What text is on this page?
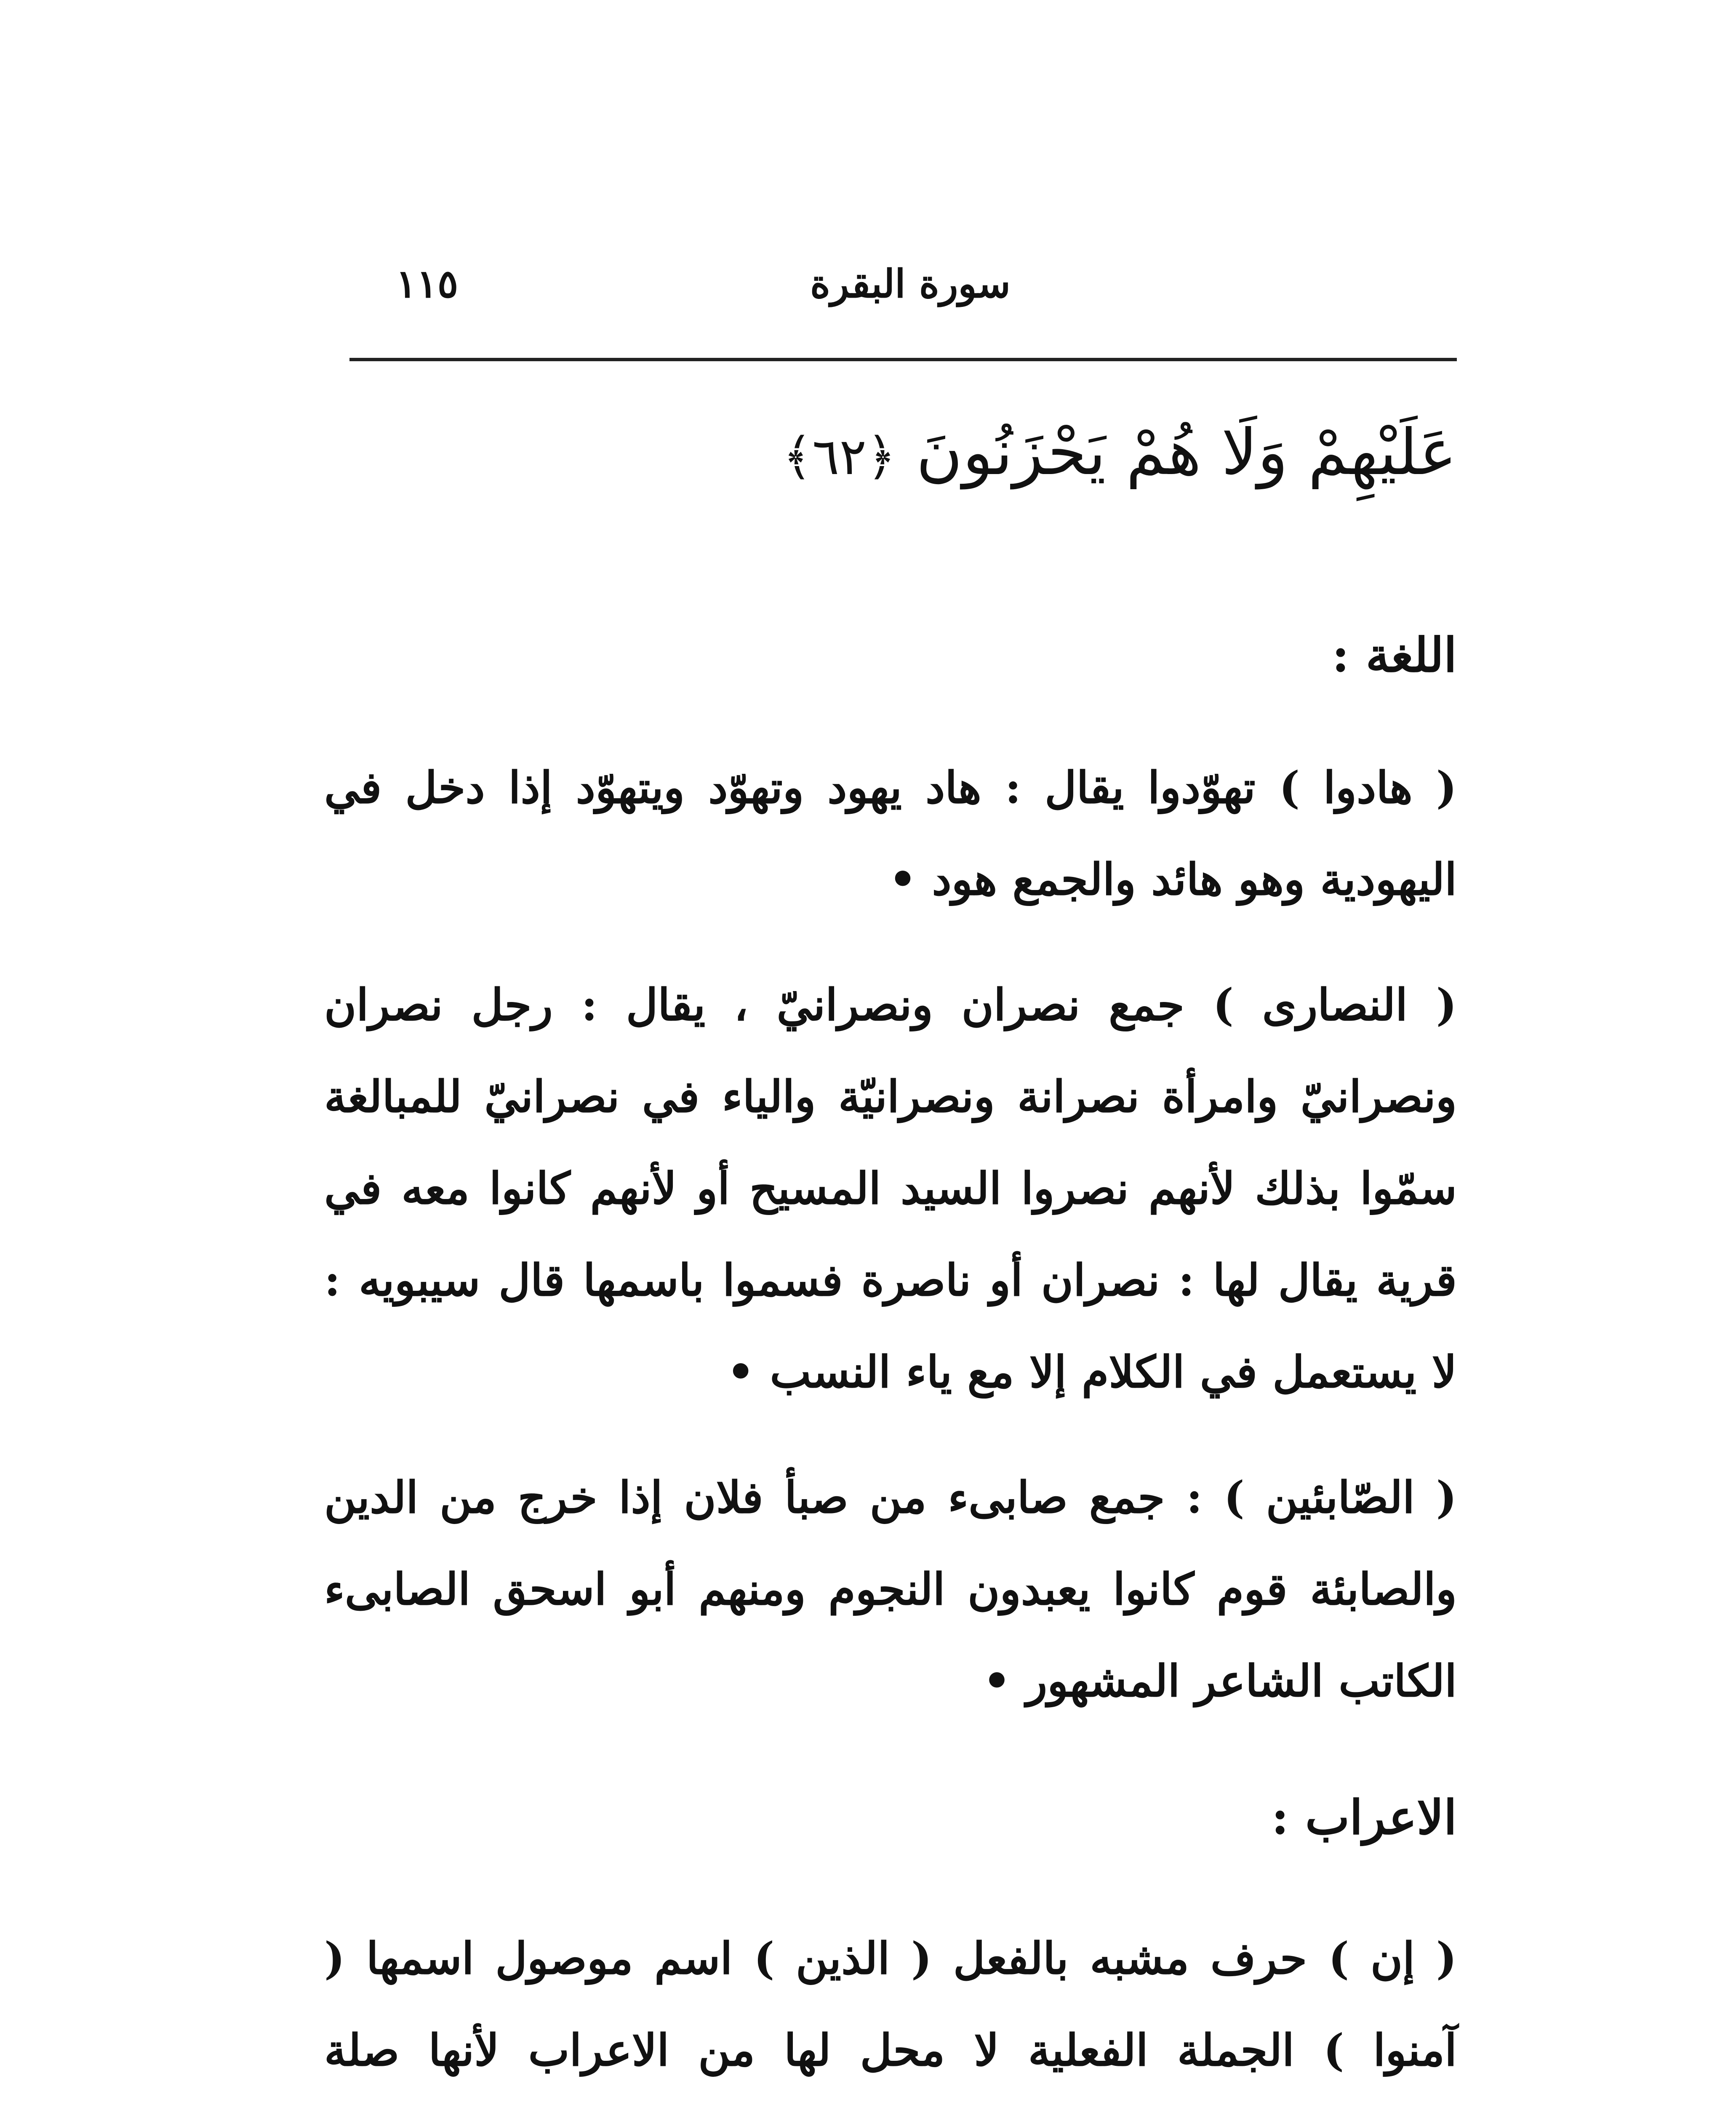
سورة البقرة
١١٥

عَلَيْهِمْ وَلَا هُمْ يَحْزَنُونَ ﴿٦٢﴾

اللغة :

( هادوا ) تهوّدوا يقال : هاد يهود وتهوّد ويتهوّد إذا دخل في اليهودية وهو هائد والجمع هود •

( النصارى ) جمع نصران ونصرانيّ ، يقال : رجل نصران ونصرانيّ وامرأة نصرانة ونصرانيّة والياء في نصرانيّ للمبالغة سمّوا بذلك لأنهم نصروا السيد المسيح أو لأنهم كانوا معه في قرية يقال لها : نصران أو ناصرة فسموا باسمها قال سيبويه : لا يستعمل في الكلام إلا مع ياء النسب •

( الصّابئين ) : جمع صابىء من صبأ فلان إذا خرج من الدين والصابئة قوم كانوا يعبدون النجوم ومنهم أبو اسحق الصابىء الكاتب الشاعر المشهور •

الاعراب :

( إن ) حرف مشبه بالفعل ( الذين ) اسم موصول اسمها ( آمنوا ) الجملة الفعلية لا محل لها من الاعراب لأنها صلة
